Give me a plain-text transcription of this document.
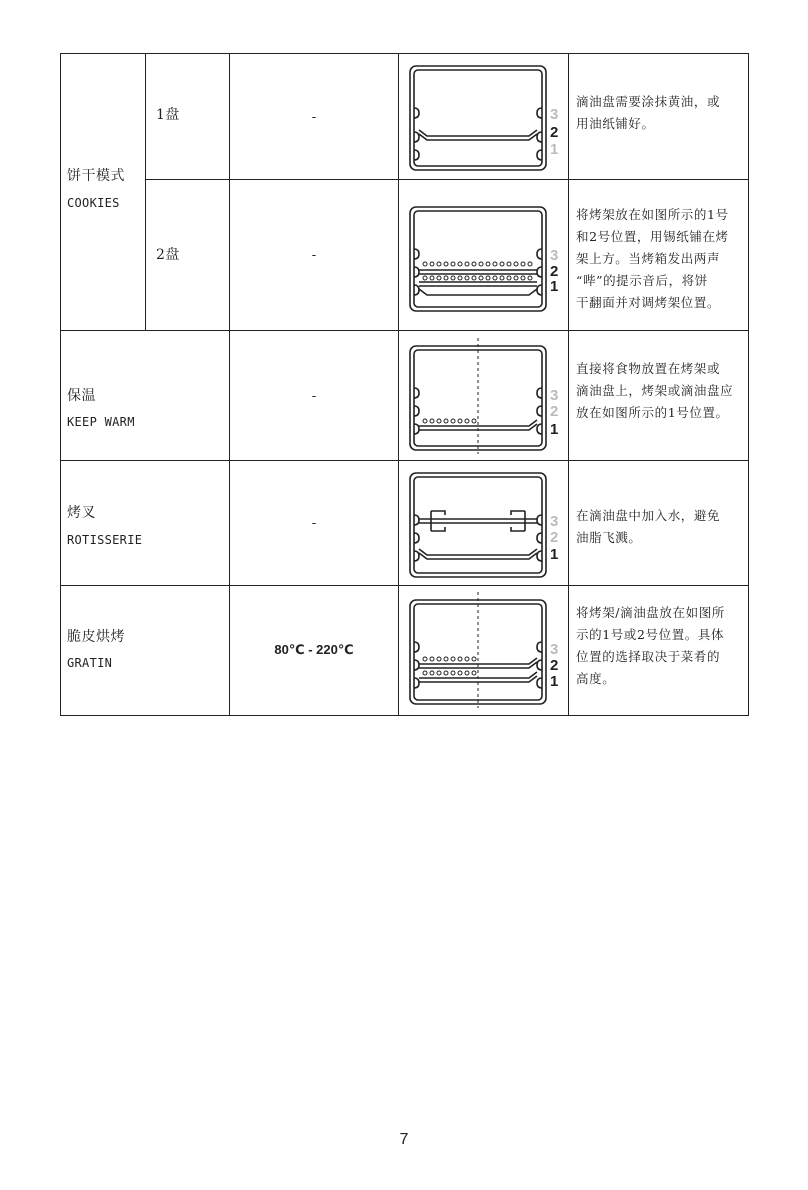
饼干模式
COOKIES
1盘	-
滴油盘需要涂抹黄油，或
用油纸铺好。
2盘	-
将烤架放在如图所示的1号
和2号位置，用锡纸铺在烤
架上方。当烤箱发出两声
“哔”的提示音后，将饼
干翻面并对调烤架位置。
保温
KEEP WARM
-
直接将食物放置在烤架或
滴油盘上，烤架或滴油盘应
放在如图所示的1号位置。
烤叉
ROTISSERIE
-
在滴油盘中加入水，避免
油脂飞溅。
脆皮烘烤
GRATIN
80℃ - 220℃
将烤架/滴油盘放在如图所
示的1号或2号位置。具体
位置的选择取决于菜肴的
高度。
3
2
1
3
2
1
3
2
1
3
2
1
3
2
1
7
